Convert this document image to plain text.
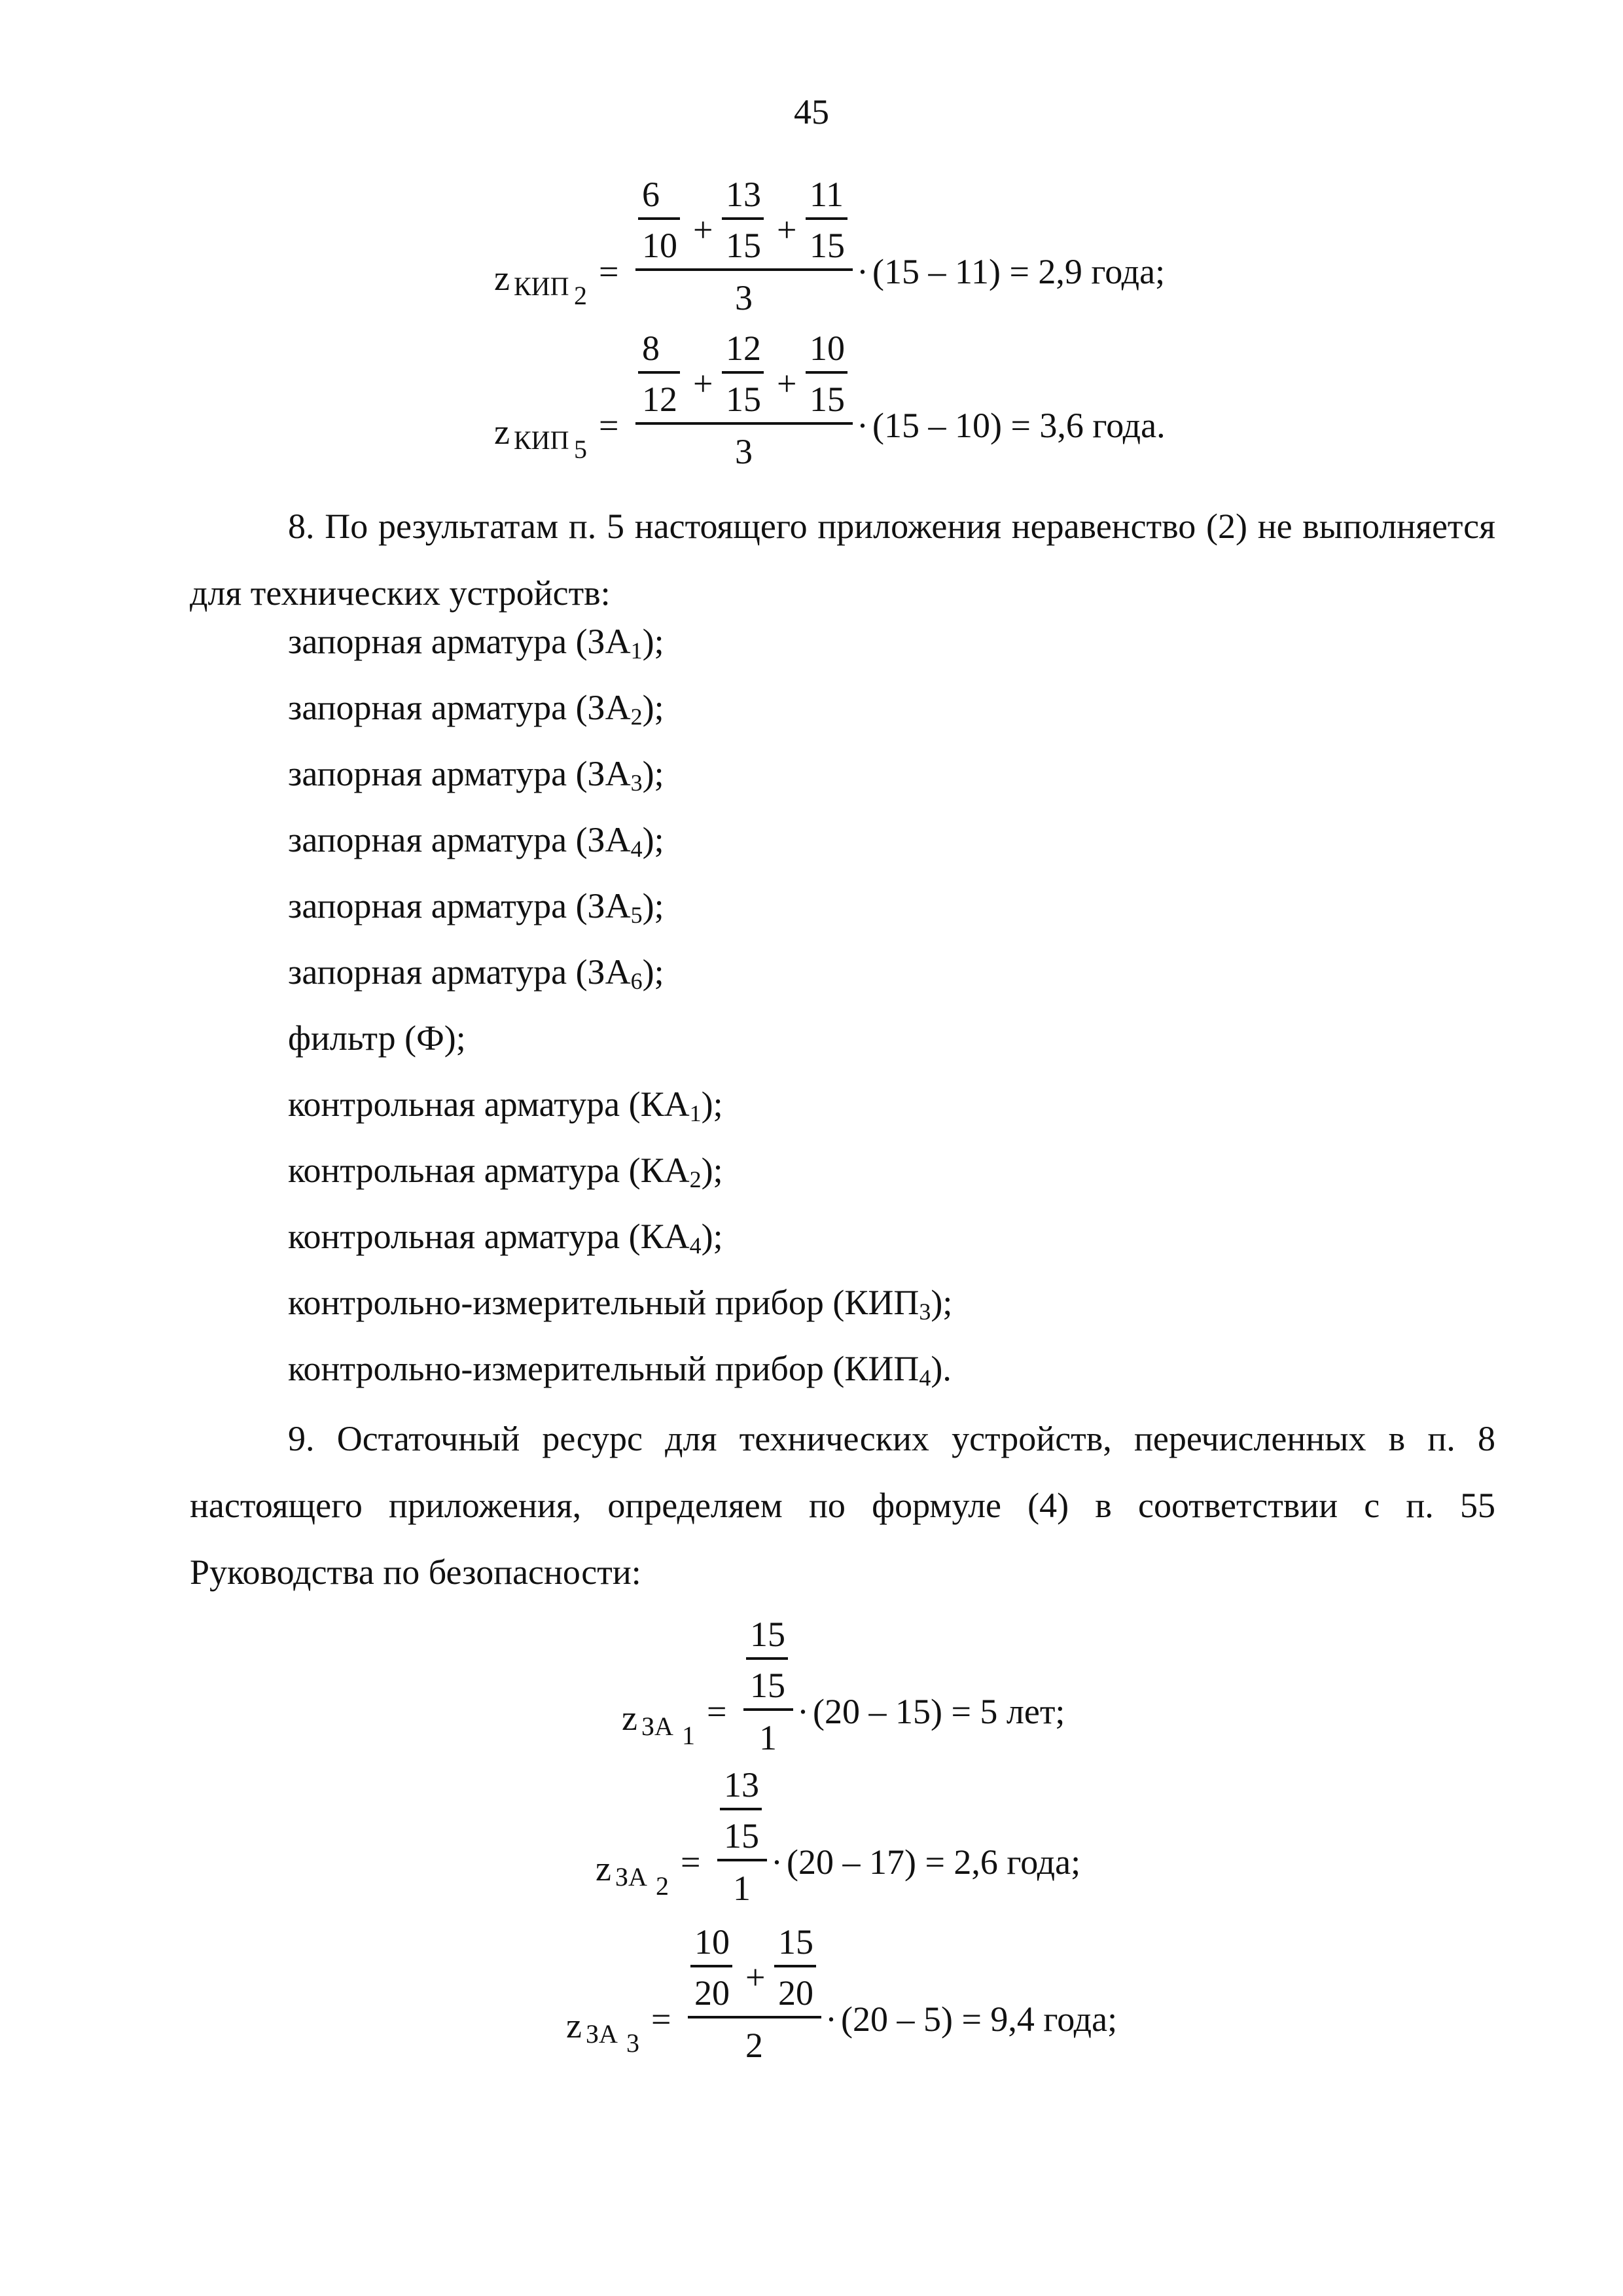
45
z КИП 2
=
6
10 +
13
15 +
11
15
3
· (15 – 11) = 2,9 года;
z КИП 5
=
8
12 +
12
15 +
10
15
3
· (15 – 10) = 3,6 года.

8. По результатам п. 5 настоящего приложения неравенство (2) не выполняется для технических устройств:

запорная арматура $(ЗА_1)$;
запорная арматура $(ЗА_2)$;
запорная арматура $(ЗА_3)$;
запорная арматура $(ЗА_4)$;
запорная арматура $(ЗА_5)$;
запорная арматура $(ЗА_6)$;
фильтр (Ф);
контрольная арматура $(КА_1)$;
контрольная арматура $(КА_2)$;
контрольная арматура $(КА_4)$;
контрольно-измерительный прибор $(КИП_3)$;
контрольно-измерительный прибор $(КИП_4)$.

9. Остаточный ресурс для технических устройств, перечисленных в п. 8 настоящего приложения, определяем по формуле (4) в соответствии с п. 55 Руководства по безопасности:

z ЗА 1
=
15
15
1
· (20 – 15) = 5 лет;
z ЗА 2
=
13
15
1
· (20 – 17) = 2,6 года;
z ЗА 3
=
10
20 +
15
20
2
· (20 – 5) = 9,4 года;
